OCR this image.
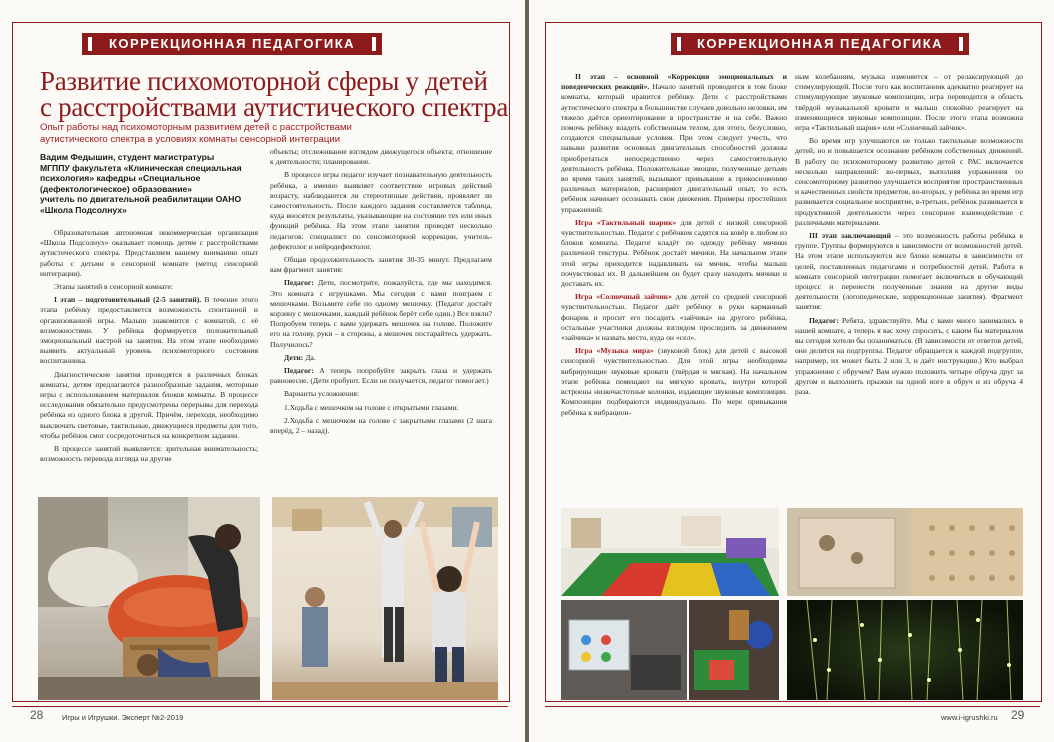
КОРРЕКЦИОННАЯ ПЕДАГОГИКА
Развитие психомоторной сферы у детей
с расстройствами аутистического спектра
Опыт работы над психомоторным развитием детей с расстройствами аутистического спектра в условиях комнаты сенсорной интеграции
Вадим Федышин, студент магистратуры
МГППУ факультета «Клиническая специальная
психология» кафедры «Специальное
(дефектологическое) образование»
учитель по двигательной реабилитации ОАНО
«Школа Подсолнух»

Образовательная автономная некоммерческая организация «Школа Подсолнух» оказывает помощь детям с расстройствами аутистического спектра. Представляем вашему вниманию опыт работы с детьми в сенсорной комнате (метод сенсорной интеграции).

Этапы занятий в сенсорной комнате:

I этап – подготовительный (2-5 занятий). В течение этого этапа ребёнку предоставляется возможность спонтанной и организованной игры. Малыш знакомится с комнатой, с её возможностями. У ребёнка формируется положительный эмоциональный настрой на занятия. На этом этапе необходимо выявить актуальный уровень психомоторного состояния воспитанника.

Диагностические занятия проводятся в различных блоках комнаты, детям предлагаются разнообразные задания, моторные игры с использованием материалов блоков комнаты. В процессе исследования обязательно предусмотрены перерывы для перехода ребёнка из одного блока в другой. Причём, переходя, необходимо выключать световые, тактильные, движущиеся предметы для того, чтобы ребёнок смог сосредоточиться на конкретном задании.

В процессе занятий выявляется: зрительная внимательность; возможность перевода взгляда на другие

объекты; отслеживание взглядом движущегося объекта; отношение к деятельности; планирование.

В процессе игры педагог изучает познавательную деятельность ребёнка, а именно выявляет соответствие игровых действий возрасту, наблюдаются ли стереотипные действия, проявляет ли самостоятельность. После каждого задания составляется таблица, куда вносятся результаты, указывающие на состояние тех или иных функций ребёнка. На этом этапе занятия проводят несколько педагогов: специалист по сенсомоторной коррекции, учитель-дефектолог и нейродефектолог.

Общая продолжительность занятия 30-35 минут. Предлагаем вам фрагмент занятия:

Педагог: Дети, посмотрите, пожалуйста, где мы находимся. Это комната с игрушками. Мы сегодня с вами поиграем с мешочками. Возьмите себе по одному мешочку. (Педагог достаёт корзину с мешочками, каждый ребёнок берёт себе один.) Все взяли? Попробуем теперь с вами удержать мешочек на голове. Положите его на голову, руки – в стороны, а мешочек постарайтесь удержать. Получилось?

Дети: Да.

Педагог: А теперь попробуйте закрыть глаза и удержать равновесие. (Дети пробуют. Если не получается, педагог помогает.)

Варианты усложнения:

1.Ходьба с мешочком на голове с открытыми глазами.

2.Ходьба с мешочком на голове с закрытыми глазами (2 шага вперёд, 2 – назад).

28 Игры и Игрушки. Эксперт №2-2019
КОРРЕКЦИОННАЯ ПЕДАГОГИКА

II этап – основной «Коррекция эмоциональных и поведенческих реакций». Начало занятий проводится в том блоке комнаты, который нравится ребёнку. Дети с расстройствами аутистического спектра в большинстве случаев довольно неловки, им тяжело даётся ориентирование в пространстве и на себе. Важно помочь ребёнку владеть собственным телом, для этого, безусловно, создаются специальные условия. При этом следует учесть, что навыки развития основных двигательных способностей должны приобретаться непосредственно через самостоятельную деятельность ребёнка. Положительные эмоции, полученные детьми во время таких занятий, вызывают привыкание к прикосновению различных материалов, расширяют двигательный опыт, то есть ребёнок начинает осознавать свои движения. Примеры простейших упражнений:

Игра «Тактильный шарик» для детей с низкой сенсорной чувствительностью. Педагог с ребёнком садятся на ковёр в любом из блоков комнаты. Педагог кладёт по одежду ребёнку мячики различной текстуры. Ребёнок достаёт мячики. На начальном этапе этой игры приходится надавливать на мячик, чтобы малыш почувствовал их. В дальнейшем он будет сразу находить мячики и доставать их.

Игра «Солнечный зайчик» для детей со средней сенсорной чувствительностью. Педагог даёт ребёнку в руки карманный фонарик и просит его посадить «зайчика» на другого ребёнка, остальные участники должны взглядом проследить за движением «зайчика» и назвать место, куда он «сел».

Игра «Музыка мира» (звуковой блок) для детей с высокой сенсорной чувствительностью. Для этой игры необходимы вибрирующие звуковые кровати (твёрдая и мягкая). На начальном этапе ребёнка помещают на мягкую кровать, внутри которой встроены низкочастотные колонки, издающие звуковые композиции. Композиции подбираются индивидуально. По мере привыкания ребёнка к вибрацион-

ным колебаниям, музыка изменяется – от релаксирующей до стимулирующей. После того как воспитанник адекватно реагирует на стимулирующие звуковые композиции, игра переводится в область твёрдой музыкальной кровати и малыш спокойно реагирует на изменяющиеся звуковые композиции. После этого этапа возможна игра «Тактильный шарик» или «Солнечный зайчик».

Во время игр улучшаются не только тактильные возможности детей, но и повышается осознание ребёнком собственных движений. В работу по психомоторному развитию детей с РАС включается несколько направлений: во-первых, выполняя упражнения по сенсомоторному развитию улучшается восприятие пространственных и качественных свойств предметов, во-вторых, у ребёнка во время игр развивается социальное восприятие, в-третьих, ребёнок развивается в продуктивной деятельности через сенсорное взаимодействие с различными материалами.

III этап заключающий – это возможность работы ребёнка в группе. Группы формируются в зависимости от возможностей детей. На этом этапе используются все блоки комнаты в зависимости от целей, поставленных педагогами и потребностей детей. Работа в комнате сенсорной интеграции помогает включиться в обучающий процесс и перенести полученные знания на другие виды деятельности (логопедические, коррекционные занятия). Фрагмент занятия:

Педагог: Ребята, здравствуйте. Мы с вами много занимались в нашей комнате, а теперь я вас хочу спросить, с каким бы материалом вы сегодня хотели бы позаниматься. (В зависимости от ответов детей, они делятся на подгруппы. Педагог обращается к каждой подгруппе, например, их может быть 2 или 3, и даёт инструкцию.) Кто выбрал упражнение с обручем? Вам нужно положить четыре обруча друг за другом и выполнить прыжки на одной ноге в обруч и из обруча 4 раза.

www.i-igrushki.ru 29
